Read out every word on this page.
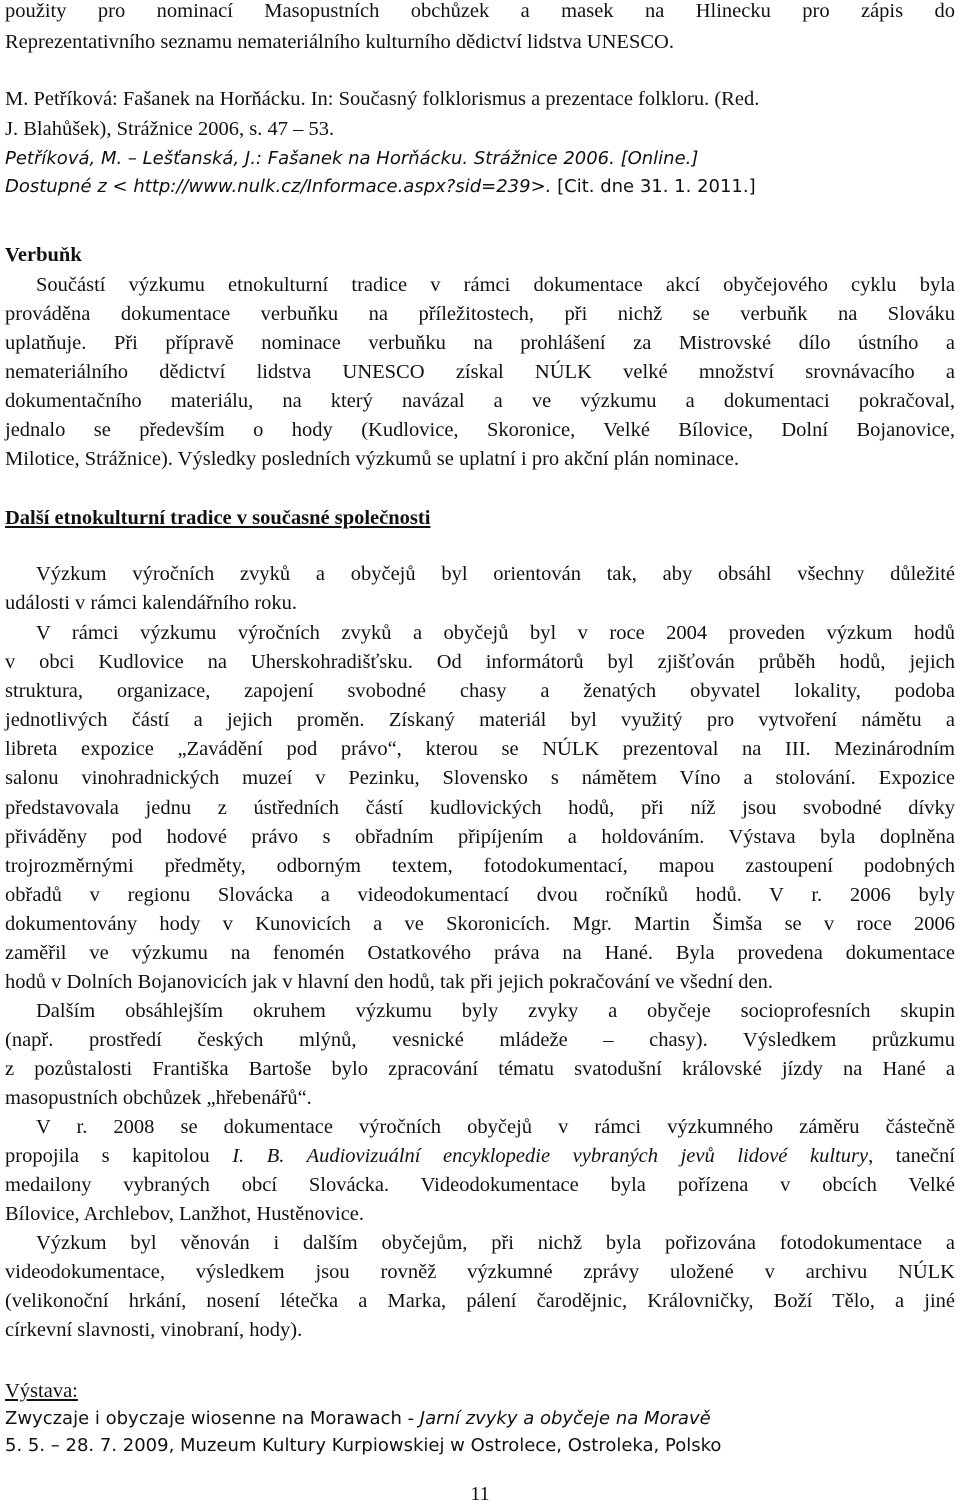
použity pro nominací Masopustních obchůzek a masek na Hlinecku pro zápis do
Reprezentativního seznamu nemateriálního kulturního dědictví lidstva UNESCO.
M. Petříková: Fašanek na Horňácku. In: Současný folklorismus a prezentace folkloru. (Red.
J. Blahůšek), Strážnice 2006, s. 47 – 53.
Petříková, M. – Lešťanská, J.: Fašanek na Horňácku. Strážnice 2006. [Online.]
Dostupné z < http://www.nulk.cz/Informace.aspx?sid=239>. [Cit. dne 31. 1. 2011.]
Verbuňk
Součástí výzkumu etnokulturní tradice v rámci dokumentace akcí obyčejového cyklu byla
prováděna dokumentace verbuňku na příležitostech, při nichž se verbuňk na Slováku
uplatňuje. Při přípravě nominace verbuňku na prohlášení za Mistrovské dílo ústního a
nemateriálního dědictví lidstva UNESCO získal NÚLK velké množství srovnávacího a
dokumentačního materiálu, na který navázal a ve výzkumu a dokumentaci pokračoval,
jednalo se především o hody (Kudlovice, Skoronice, Velké Bílovice, Dolní Bojanovice,
Milotice, Strážnice). Výsledky posledních výzkumů se uplatní i pro akční plán nominace.
Další etnokulturní tradice v současné společnosti
Výzkum výročních zvyků a obyčejů byl orientován tak, aby obsáhl všechny důležité
události v rámci kalendářního roku.
V rámci výzkumu výročních zvyků a obyčejů byl v roce 2004 proveden výzkum hodů
v obci Kudlovice na Uherskohradišťsku. Od informátorů byl zjišťován průběh hodů, jejich
struktura, organizace, zapojení svobodné chasy a ženatých obyvatel lokality, podoba
jednotlivých částí a jejich proměn. Získaný materiál byl využitý pro vytvoření námětu a
libreta expozice „Zavádění pod právo“, kterou se NÚLK prezentoval na III. Mezinárodním
salonu vinohradnických muzeí v Pezinku, Slovensko s námětem Víno a stolování. Expozice
představovala jednu z ústředních částí kudlovických hodů, při níž jsou svobodné dívky
přiváděny pod hodové právo s obřadním připíjením a holdováním. Výstava byla doplněna
trojrozměrnými předměty, odborným textem, fotodokumentací, mapou zastoupení podobných
obřadů v regionu Slovácka a videodokumentací dvou ročníků hodů. V r. 2006 byly
dokumentovány hody v Kunovicích a ve Skoronicích. Mgr. Martin Šimša se v roce 2006
zaměřil ve výzkumu na fenomén Ostatkového práva na Hané. Byla provedena dokumentace
hodů v Dolních Bojanovicích jak v hlavní den hodů, tak při jejich pokračování ve všední den.
Dalším obsáhlejším okruhem výzkumu byly zvyky a obyčeje socioprofesních skupin
(např. prostředí českých mlýnů, vesnické mládeže – chasy). Výsledkem průzkumu
z pozůstalosti Františka Bartoše bylo zpracování tématu svatodušní královské jízdy na Hané a
masopustních obchůzek „hřebenářů“.
V r. 2008 se dokumentace výročních obyčejů v rámci výzkumného záměru částečně
propojila s kapitolou I. B. Audiovizuální encyklopedie vybraných jevů lidové kultury, taneční
medailony vybraných obcí Slovácka. Videodokumentace byla pořízena v obcích Velké
Bílovice, Archlebov, Lanžhot, Hustěnovice.
Výzkum byl věnován i dalším obyčejům, při nichž byla pořizována fotodokumentace a
videodokumentace, výsledkem jsou rovněž výzkumné zprávy uložené v archivu NÚLK
(velikonoční hrkání, nosení létečka a Marka, pálení čarodějnic, Královničky, Boží Tělo, a jiné
církevní slavnosti, vinobraní, hody).
Výstava:
Zwyczaje i obyczaje wiosenne na Morawach - Jarní zvyky a obyčeje na Moravě
5. 5. – 28. 7. 2009, Muzeum Kultury Kurpiowskiej w Ostrolece, Ostroleka, Polsko
11
